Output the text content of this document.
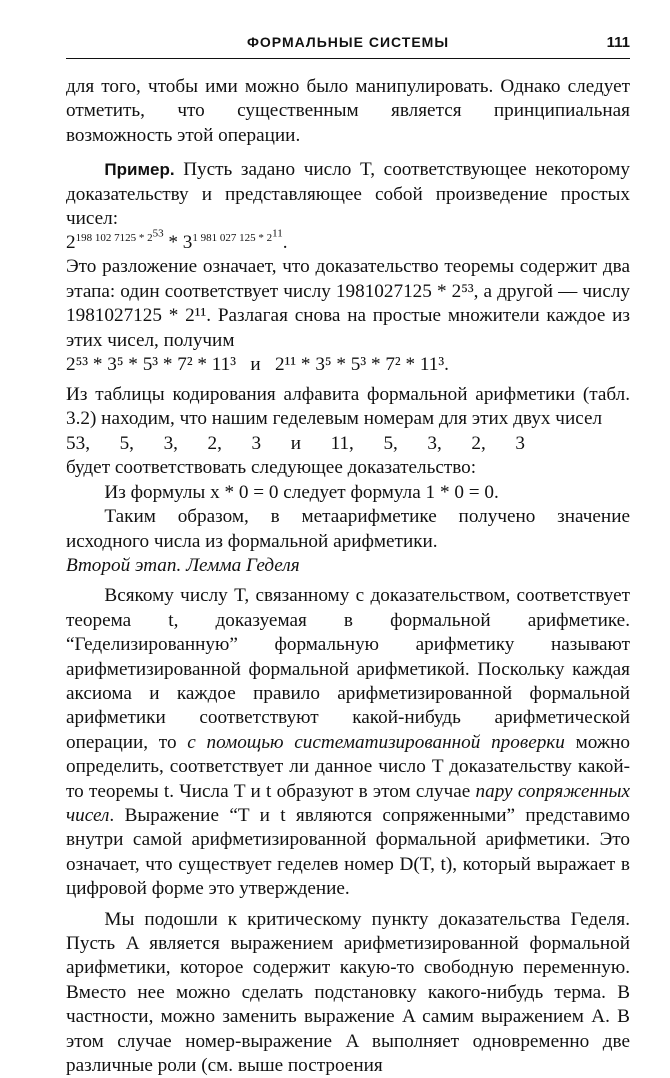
ФОРМАЛЬНЫЕ СИСТЕМЫ	111

для того, чтобы ими можно было манипулировать. Однако следует отметить, что существенным является принципиальная возможность этой операции.

Пример. Пусть задано число T, соответствующее некоторому доказательству и представляющее собой произведение простых чисел:

$2^{198 102 7125 * 2^{53}} * 3^{1 981 027 125 * 2^{11}}$.

Это разложение означает, что доказательство теоремы содержит два этапа: один соответствует числу 1981027125 * 2⁵³, а другой — числу 1981027125 * 2¹¹. Разлагая снова на простые множители каждое из этих чисел, получим

2⁵³ * 3⁵ * 5³ * 7² * 11³   и   2¹¹ * 3⁵ * 5³ * 7² * 11³.

Из таблицы кодирования алфавита формальной арифметики (табл. 3.2) находим, что нашим геделевым номерам для этих двух чисел

53,  5,  3,  2,  3  и  11,  5,  3,  2,  3

будет соответствовать следующее доказательство:

Из формулы x * 0 = 0 следует формула 1 * 0 = 0.

Таким образом, в метаарифметике получено значение исходного числа из формальной арифметики.

Второй этап. Лемма Геделя

Всякому числу T, связанному с доказательством, соответствует теорема t, доказуемая в формальной арифметике. “Геделизированную” формальную арифметику называют арифметизированной формальной арифметикой. Поскольку каждая аксиома и каждое правило арифметизированной формальной арифметики соответствуют какой-нибудь арифметической операции, то с помощью систематизированной проверки можно определить, соответствует ли данное число T доказательству какой-то теоремы t. Числа T и t образуют в этом случае пару сопряженных чисел. Выражение “T и t являются сопряженными” представимо внутри самой арифметизированной формальной арифметики. Это означает, что существует геделев номер D(T, t), который выражает в цифровой форме это утверждение.

Мы подошли к критическому пункту доказательства Геделя. Пусть A является выражением арифметизированной формальной арифметики, которое содержит какую-то свободную переменную. Вместо нее можно сделать подстановку какого-нибудь терма. В частности, можно заменить выражение A самим выражением A. В этом случае номер-выражение A выполняет одновременно две различные роли (см. выше построения
